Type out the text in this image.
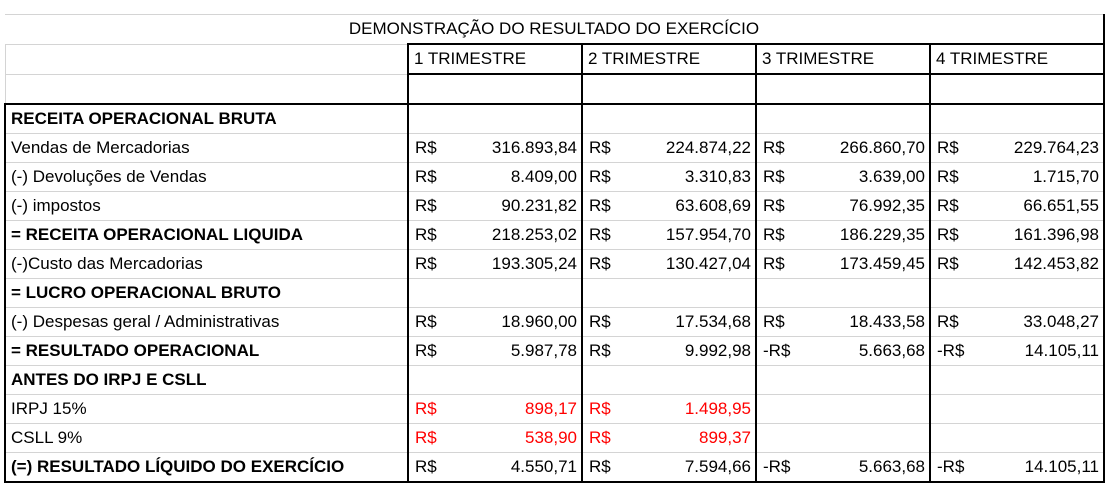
DEMONSTRAÇÃO DO RESULTADO DO EXERCÍCIO								
	1 TRIMESTRE		2 TRIMESTRE		3 TRIMESTRE		4 TRIMESTRE	

RECEITA OPERACIONAL BRUTA								
Vendas de Mercadorias	R$	316.893,84	R$	224.874,22	R$	266.860,70	R$	229.764,23
(-) Devoluções de Vendas	R$	8.409,00	R$	3.310,83	R$	3.639,00	R$	1.715,70
(-) impostos	R$	90.231,82	R$	63.608,69	R$	76.992,35	R$	66.651,55
= RECEITA OPERACIONAL LIQUIDA	R$	218.253,02	R$	157.954,70	R$	186.229,35	R$	161.396,98
(-)Custo das Mercadorias	R$	193.305,24	R$	130.427,04	R$	173.459,45	R$	142.453,82
= LUCRO OPERACIONAL BRUTO								
(-) Despesas geral / Administrativas	R$	18.960,00	R$	17.534,68	R$	18.433,58	R$	33.048,27
= RESULTADO OPERACIONAL	R$	5.987,78	R$	9.992,98	-R$	5.663,68	-R$	14.105,11
ANTES DO IRPJ E CSLL								
IRPJ 15%	R$	898,17	R$	1.498,95				
CSLL 9%	R$	538,90	R$	899,37				
(=) RESULTADO LÍQUIDO DO EXERCÍCIO	R$	4.550,71	R$	7.594,66	-R$	5.663,68	-R$	14.105,11
